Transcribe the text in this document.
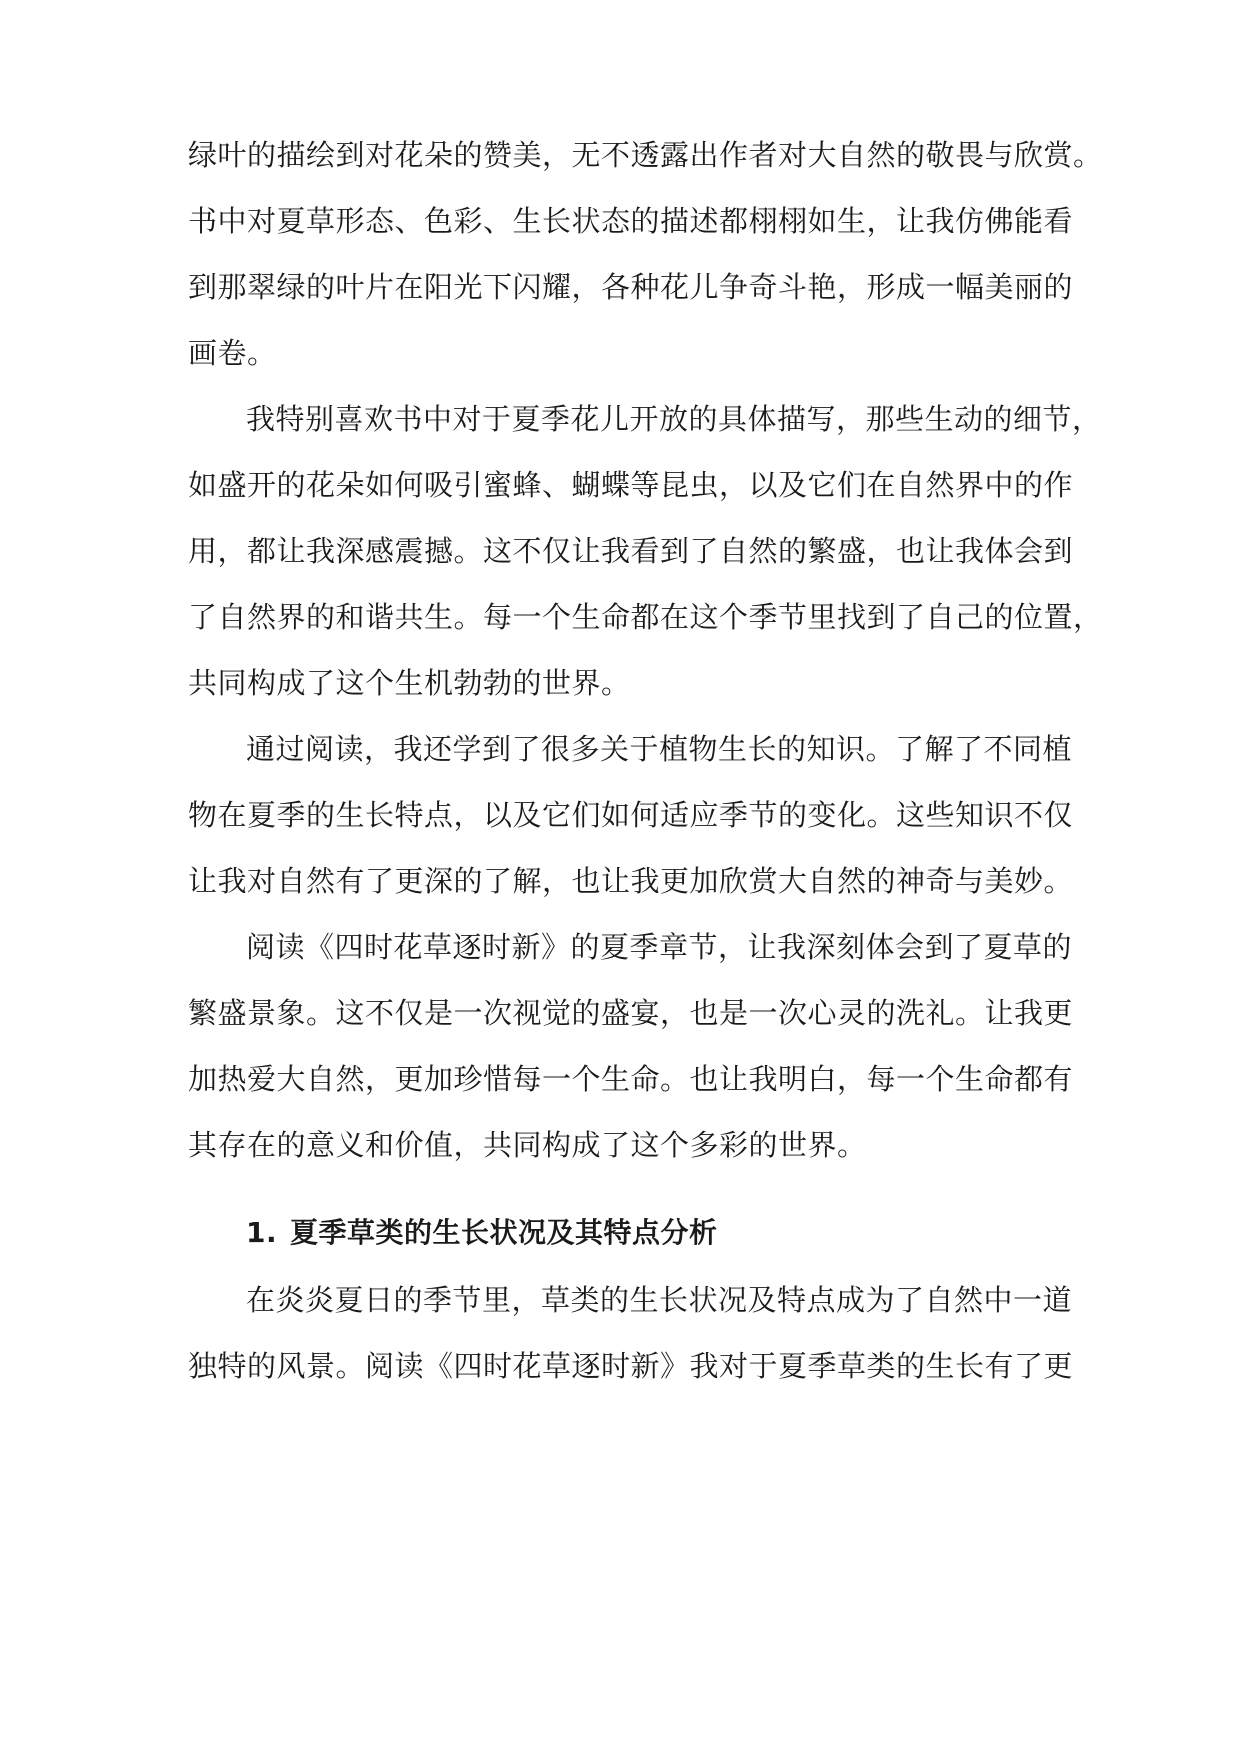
绿叶的描绘到对花朵的赞美，无不透露出作者对大自然的敬畏与欣赏。

书中对夏草形态、色彩、生长状态的描述都栩栩如生，让我仿佛能看

到那翠绿的叶片在阳光下闪耀，各种花儿争奇斗艳，形成一幅美丽的

画卷。

我特别喜欢书中对于夏季花儿开放的具体描写，那些生动的细节，

如盛开的花朵如何吸引蜜蜂、蝴蝶等昆虫，以及它们在自然界中的作

用，都让我深感震撼。这不仅让我看到了自然的繁盛，也让我体会到

了自然界的和谐共生。每一个生命都在这个季节里找到了自己的位置，

共同构成了这个生机勃勃的世界。

通过阅读，我还学到了很多关于植物生长的知识。了解了不同植

物在夏季的生长特点，以及它们如何适应季节的变化。这些知识不仅

让我对自然有了更深的了解，也让我更加欣赏大自然的神奇与美妙。

阅读《四时花草逐时新》的夏季章节，让我深刻体会到了夏草的

繁盛景象。这不仅是一次视觉的盛宴，也是一次心灵的洗礼。让我更

加热爱大自然，更加珍惜每一个生命。也让我明白，每一个生命都有

其存在的意义和价值，共同构成了这个多彩的世界。

1. 夏季草类的生长状况及其特点分析

在炎炎夏日的季节里，草类的生长状况及特点成为了自然中一道

独特的风景。阅读《四时花草逐时新》我对于夏季草类的生长有了更
